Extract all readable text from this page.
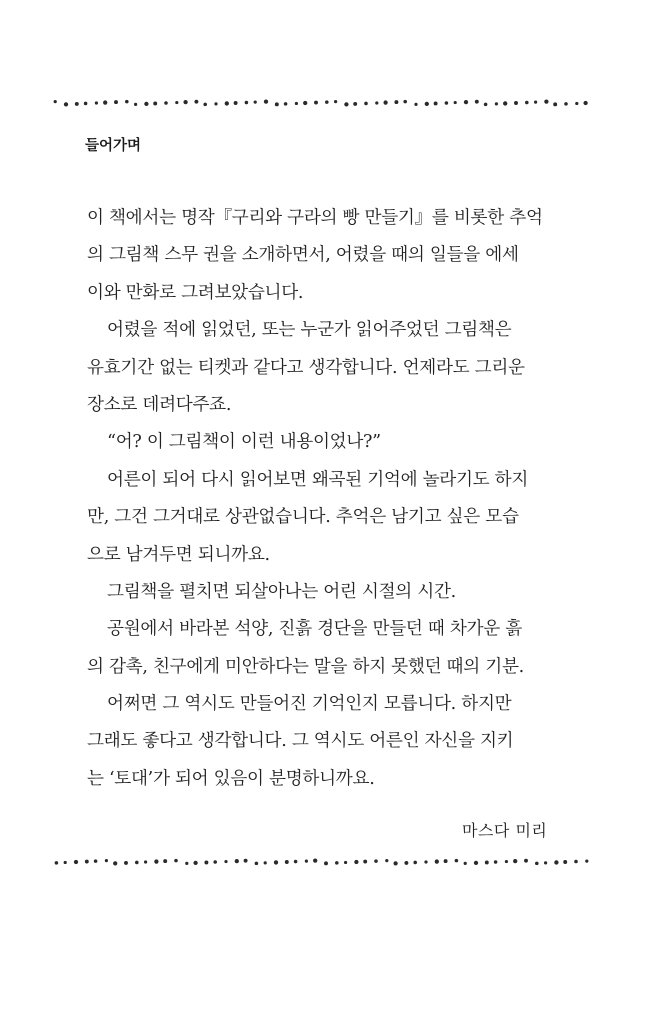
들어가며
이 책에서는 명작『구리와 구라의 빵 만들기』를 비롯한 추억
의 그림책 스무 권을 소개하면서, 어렸을 때의 일들을 에세
이와 만화로 그려보았습니다.
어렸을 적에 읽었던, 또는 누군가 읽어주었던 그림책은
유효기간 없는 티켓과 같다고 생각합니다. 언제라도 그리운
장소로 데려다주죠.
“어? 이 그림책이 이런 내용이었나?”
어른이 되어 다시 읽어보면 왜곡된 기억에 놀라기도 하지
만, 그건 그거대로 상관없습니다. 추억은 남기고 싶은 모습
으로 남겨두면 되니까요.
그림책을 펼치면 되살아나는 어린 시절의 시간.
공원에서 바라본 석양, 진흙 경단을 만들던 때 차가운 흙
의 감촉, 친구에게 미안하다는 말을 하지 못했던 때의 기분.
어쩌면 그 역시도 만들어진 기억인지 모릅니다. 하지만
그래도 좋다고 생각합니다. 그 역시도 어른인 자신을 지키
는 ‘토대’가 되어 있음이 분명하니까요.
마스다 미리
